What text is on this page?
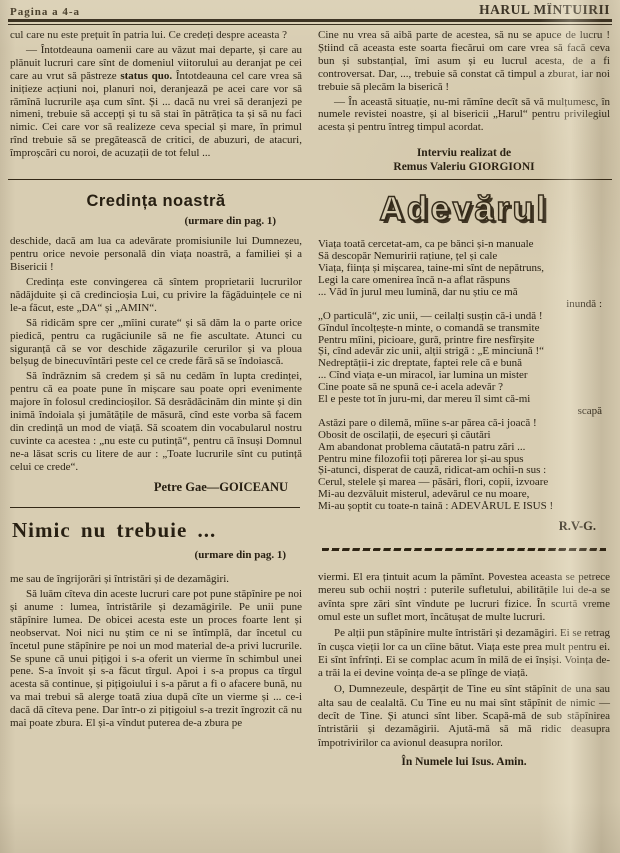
Pagina a 4-a	HARUL MÎNTUIRII

cul care nu este prețuit în patria lui. Ce credeți despre aceasta ?

— Întotdeauna oamenii care au văzut mai departe, și care au plănuit lucruri care sînt de domeniul viitorului au deranjat pe cei care au vrut să păstreze status quo. Întotdeauna cel care vrea să inițieze acțiuni noi, planuri noi, deranjează pe acei care vor să rămînă lucrurile așa cum sînt. Și ... dacă nu vrei să deranjezi pe nimeni, trebuie să accepți și tu să stai în pătrățica ta și să nu faci nimic. Cei care vor să realizeze ceva special și mare, în primul rînd trebuie să se pregătească de critici, de abuzuri, de atacuri, împroșcări cu noroi, de acuzații de tot felul ...

Cine nu vrea să aibă parte de acestea, să nu se apuce de lucru ! Știind că aceasta este soarta fiecărui om care vrea să facă ceva bun și substanțial, îmi asum și eu lucrul acesta, de a fi controversat. Dar, ..., trebuie să constat că timpul a zburat, iar noi trebuie să plecăm la biserică !

— În această situație, nu-mi rămîne decît să vă mulțumesc, în numele revistei noastre, și al bisericii „Harul“ pentru privilegiul acesta și pentru întreg timpul acordat.

Interviu realizat de
Remus Valeriu GIORGIONI
Credința noastră

(urmare din pag. 1)

deschide, dacă am lua ca adevărate promisiunile lui Dumnezeu, pentru orice nevoie personală din viața noastră, a familiei și a Bisericii !

Credința este convingerea că sîntem proprietarii lucrurilor nădăjduite și că credincioșia Lui, cu privire la făgăduințele ce ni le-a făcut, este „DA“ și „AMIN“.

Să ridicăm spre cer „mîini curate“ și să dăm la o parte orice piedică, pentru ca rugăciunile să ne fie ascultate. Atunci cu siguranță că se vor deschide zăgazurile cerurilor și va ploua belșug de binecuvîntări peste cel ce crede fără să se îndoiască.

Să îndrăznim să credem și să nu cedăm în lupta credinței, pentru că ea poate pune în mișcare sau poate opri evenimente majore în folosul credincioșilor. Să desrădăcinăm din minte și din inimă îndoiala și jumătățile de măsură, cînd este vorba să facem din credință un mod de viață. Să scoatem din vocabularul nostru cuvinte ca acestea : „nu este cu putință“, pentru că însuși Domnul ne-a lăsat scris cu litere de aur : „Toate lucrurile sînt cu putință celui ce crede“.

Petre Gae—GOICEANU

Nimic nu trebuie ...

(urmare din pag. 1)

me sau de îngrijorări și întristări și de dezamăgiri.

Să luăm cîteva din aceste lucruri care pot pune stăpînire pe noi și anume : lumea, întristările și dezamăgirile. Pe unii pune stăpînire lumea. De obicei acesta este un proces foarte lent și neobservat. Noi nici nu știm ce ni se întîmplă, dar încetul cu încetul pune stăpînire pe noi un mod material de-a privi lucrurile. Se spune că unui pițigoi i s-a oferit un vierme în schimbul unei pene. S-a învoit și s-a făcut tîrgul. Apoi i s-a propus ca tîrgul acesta să continue, și pițigoiului i s-a părut a fi o afacere bună, nu va mai trebui să alerge toată ziua după cîte un vierme și ... ce-i dacă dă cîteva pene. Dar într-o zi pițigoiul s-a trezit îngrozit că nu mai poate zbura. El și-a vîndut puterea de-a zbura pe

Adevărul

Viața toată cercetat-am, ca pe bănci și-n manuale

Să descopăr Nemuririi rațiune, țel și cale

Viața, ființa și mișcarea, taine-mi sînt de nepătruns,

Legi la care omenirea încă n-a aflat răspuns

... Văd în jurul meu lumină, dar nu știu ce mă

inundă :

„O particulă“, zic unii, — ceilalți susțin că-i undă !

Gîndul încolțește-n minte, o comandă se transmite

Pentru mîini, picioare, gură, printre fire nesfîrșite

Și, cînd adevăr zic unii, alții strigă : „E minciună !“

Nedreptății-i zic dreptate, faptei rele că e bună

... Cînd viața e-un miracol, iar lumina un mister

Cine poate să ne spună ce-i acela adevăr ?

El e peste tot în juru-mi, dar mereu îl simt că-mi

scapă

Astăzi pare o dilemă, mîine s-ar părea că-i joacă !

Obosit de oscilații, de eșecuri și căutări

Am abandonat problema căutată-n patru zări ...

Pentru mine filozofii toți părerea lor și-au spus

Și-atunci, disperat de cauză, ridicat-am ochii-n sus :

Cerul, stelele și marea — păsări, flori, copii, izvoare

Mi-au dezvăluit misterul, adevărul ce nu moare,

Mi-au șoptit cu toate-n taină : ADEVĂRUL E ISUS !

R.V-G.

viermi. El era țintuit acum la pămînt. Povestea aceasta se petrece mereu sub ochii noștri : puterile sufletului, abilitățile lui de-a se avînta spre zări sînt vîndute pe lucruri fizice. În scurtă vreme omul este un suflet mort, încătușat de multe lucruri.

Pe alții pun stăpînire multe întristări și dezamăgiri. Ei se retrag în cușca vieții lor ca un cîine bătut. Viața este prea mult pentru ei. Ei sînt înfrînți. Ei se complac acum în milă de ei înșiși. Voința de-a trăi la ei devine voința de-a se plînge de viață.

O, Dumnezeule, despărțit de Tine eu sînt stăpînit de una sau alta sau de cealaltă. Cu Tine eu nu mai sînt stăpînit de nimic — decît de Tine. Și atunci sînt liber. Scapă-mă de sub stăpînirea întristării și dezamăgirii. Ajută-mă să mă ridic deasupra împotrivirilor ca avionul deasupra norilor.

În Numele lui Isus. Amin.
